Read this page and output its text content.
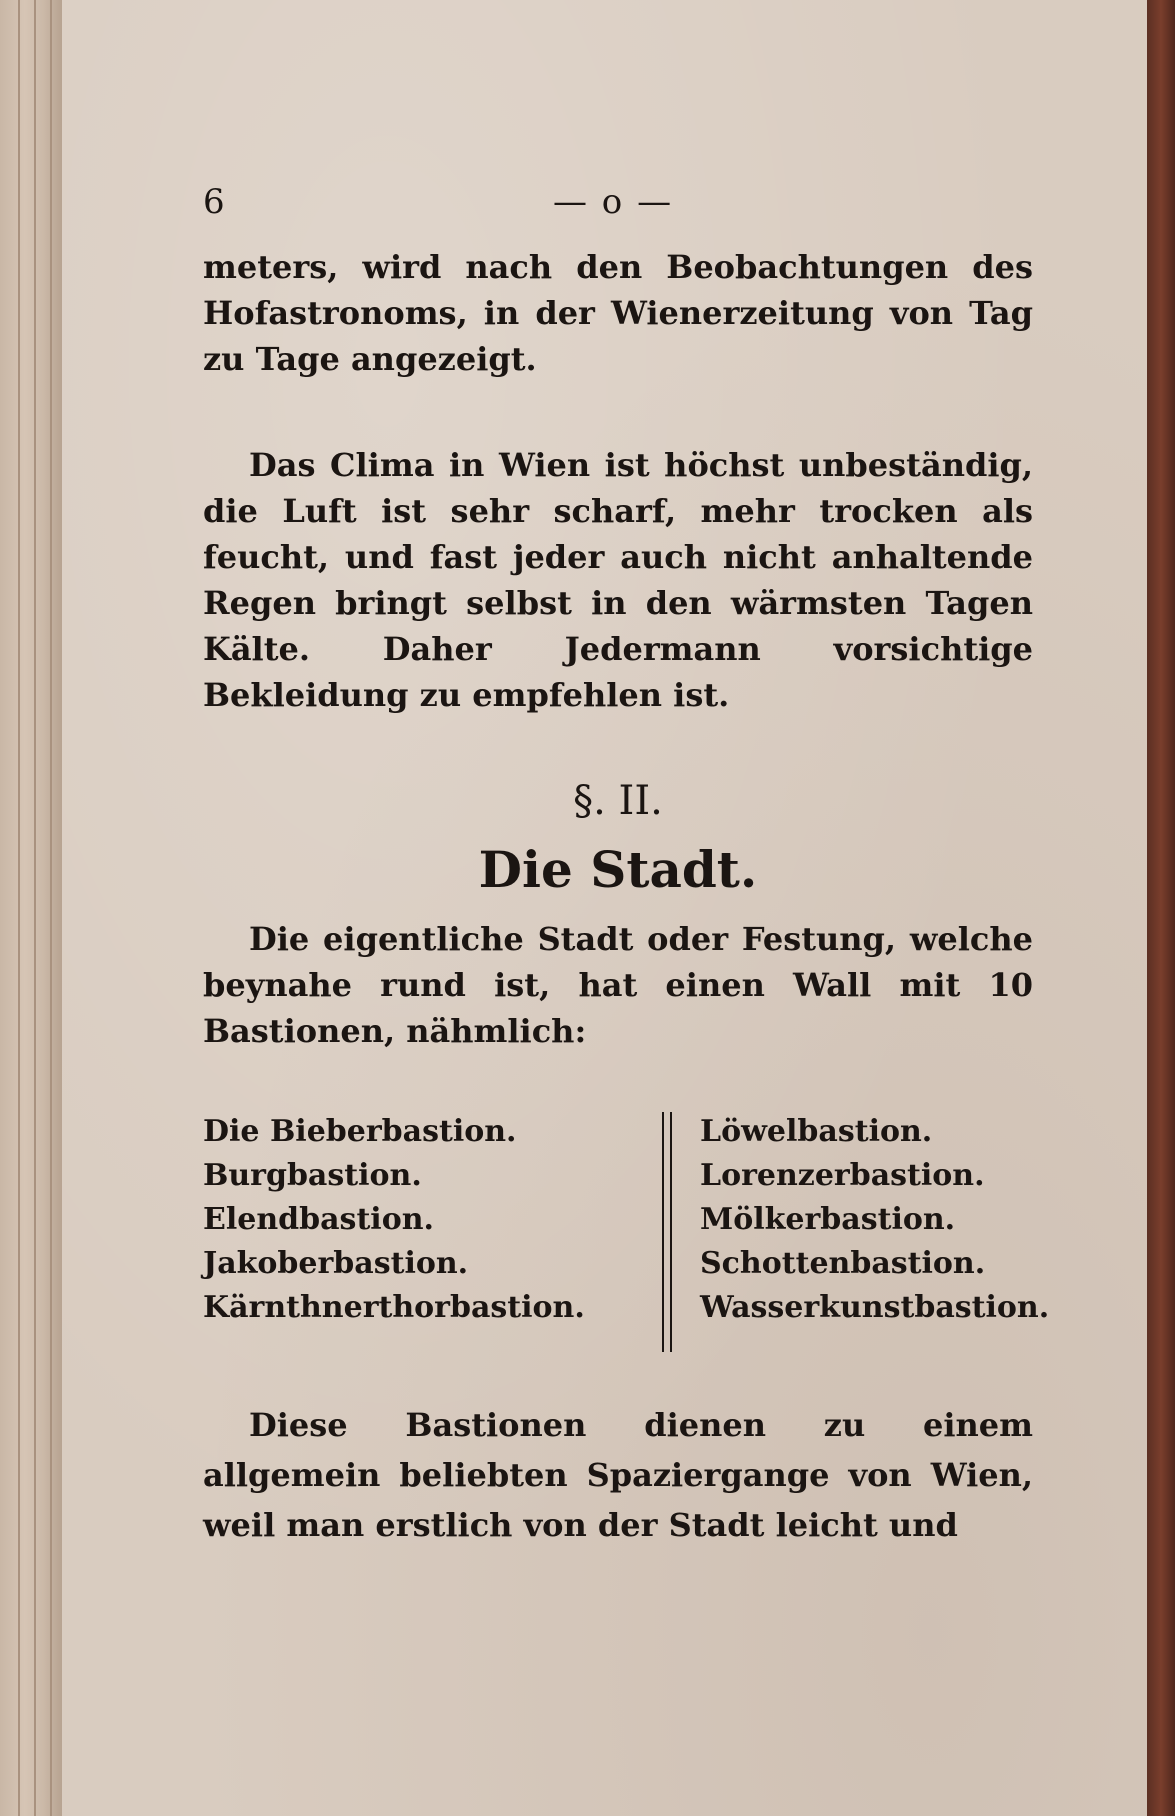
6	— o —
meters, wird nach den Beobachtungen des Hofastronoms, in der Wienerzeitung von Tag zu Tage angezeigt.
Das Clima in Wien ist höchst unbeständig, die Luft ist sehr scharf, mehr trocken als feucht, und fast jeder auch nicht anhaltende Regen bringt selbst in den wärmsten Tagen Kälte. Daher Jedermann vorsichtige Bekleidung zu empfehlen ist.
§. II.
Die Stadt.
Die eigentliche Stadt oder Festung, welche beynahe rund ist, hat einen Wall mit 10 Bastionen, nähmlich:
Die Bieberbastion.
Burgbastion.
Elendbastion.
Jakoberbastion.
Kärnthnerthorbastion.
Löwelbastion.
Lorenzerbastion.
Mölkerbastion.
Schottenbastion.
Wasserkunstbastion.
Diese Bastionen dienen zu einem allgemein beliebten Spaziergange von Wien, weil man erstlich von der Stadt leicht und
